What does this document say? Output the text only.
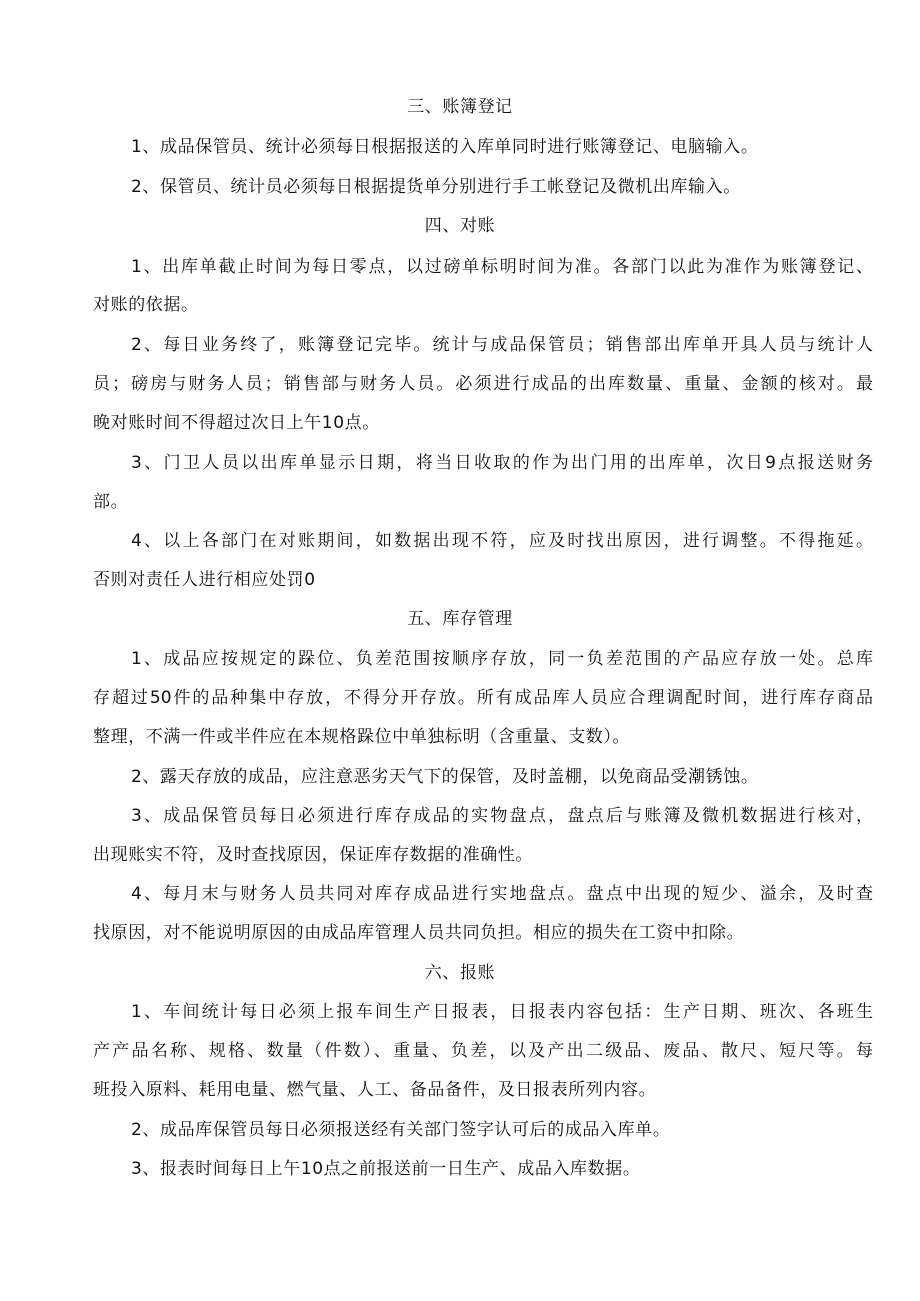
三、账簿登记
1、成品保管员、统计必须每日根据报送的入库单同时进行账簿登记、电脑输入。
2、保管员、统计员必须每日根据提货单分别进行手工帐登记及微机出库输入。
四、对账
1、出库单截止时间为每日零点，以过磅单标明时间为准。各部门以此为准作为账簿登记、
对账的依据。
2、每日业务终了，账簿登记完毕。统计与成品保管员；销售部出库单开具人员与统计人
员；磅房与财务人员；销售部与财务人员。必须进行成品的出库数量、重量、金额的核对。最
晚对账时间不得超过次日上午10点。
3、门卫人员以出库单显示日期，将当日收取的作为出门用的出库单，次日9点报送财务
部。
4、以上各部门在对账期间，如数据出现不符，应及时找出原因，进行调整。不得拖延。
否则对责任人进行相应处罚0
五、库存管理
1、成品应按规定的跺位、负差范围按顺序存放，同一负差范围的产品应存放一处。总库
存超过50件的品种集中存放，不得分开存放。所有成品库人员应合理调配时间，进行库存商品
整理，不满一件或半件应在本规格跺位中单独标明（含重量、支数）。
2、露天存放的成品，应注意恶劣天气下的保管，及时盖棚，以免商品受潮锈蚀。
3、成品保管员每日必须进行库存成品的实物盘点，盘点后与账簿及微机数据进行核对，
出现账实不符，及时查找原因，保证库存数据的准确性。
4、每月末与财务人员共同对库存成品进行实地盘点。盘点中出现的短少、溢余，及时查
找原因，对不能说明原因的由成品库管理人员共同负担。相应的损失在工资中扣除。
六、报账
1、车间统计每日必须上报车间生产日报表，日报表内容包括：生产日期、班次、各班生
产产品名称、规格、数量（件数）、重量、负差，以及产出二级品、废品、散尺、短尺等。每
班投入原料、耗用电量、燃气量、人工、备品备件，及日报表所列内容。
2、成品库保管员每日必须报送经有关部门签字认可后的成品入库单。
3、报表时间每日上午10点之前报送前一日生产、成品入库数据。
